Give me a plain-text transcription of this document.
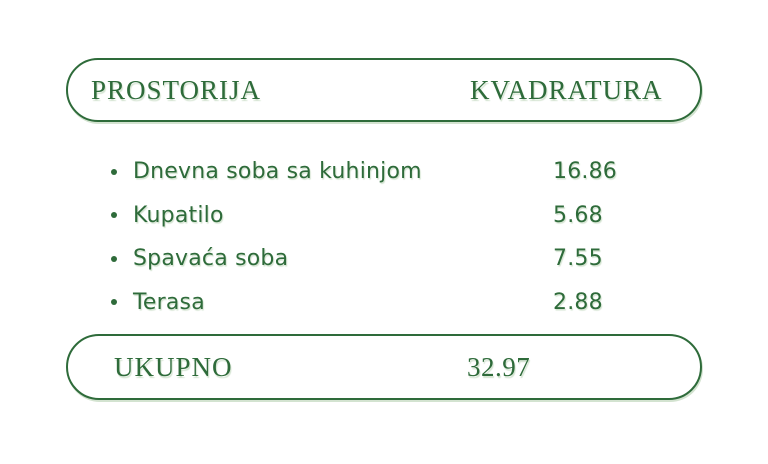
PROSTORIJA	KVADRATURA
Dnevna soba sa kuhinjom	16.86
Kupatilo	5.68
Spavaća soba	7.55
Terasa	2.88
UKUPNO	32.97
